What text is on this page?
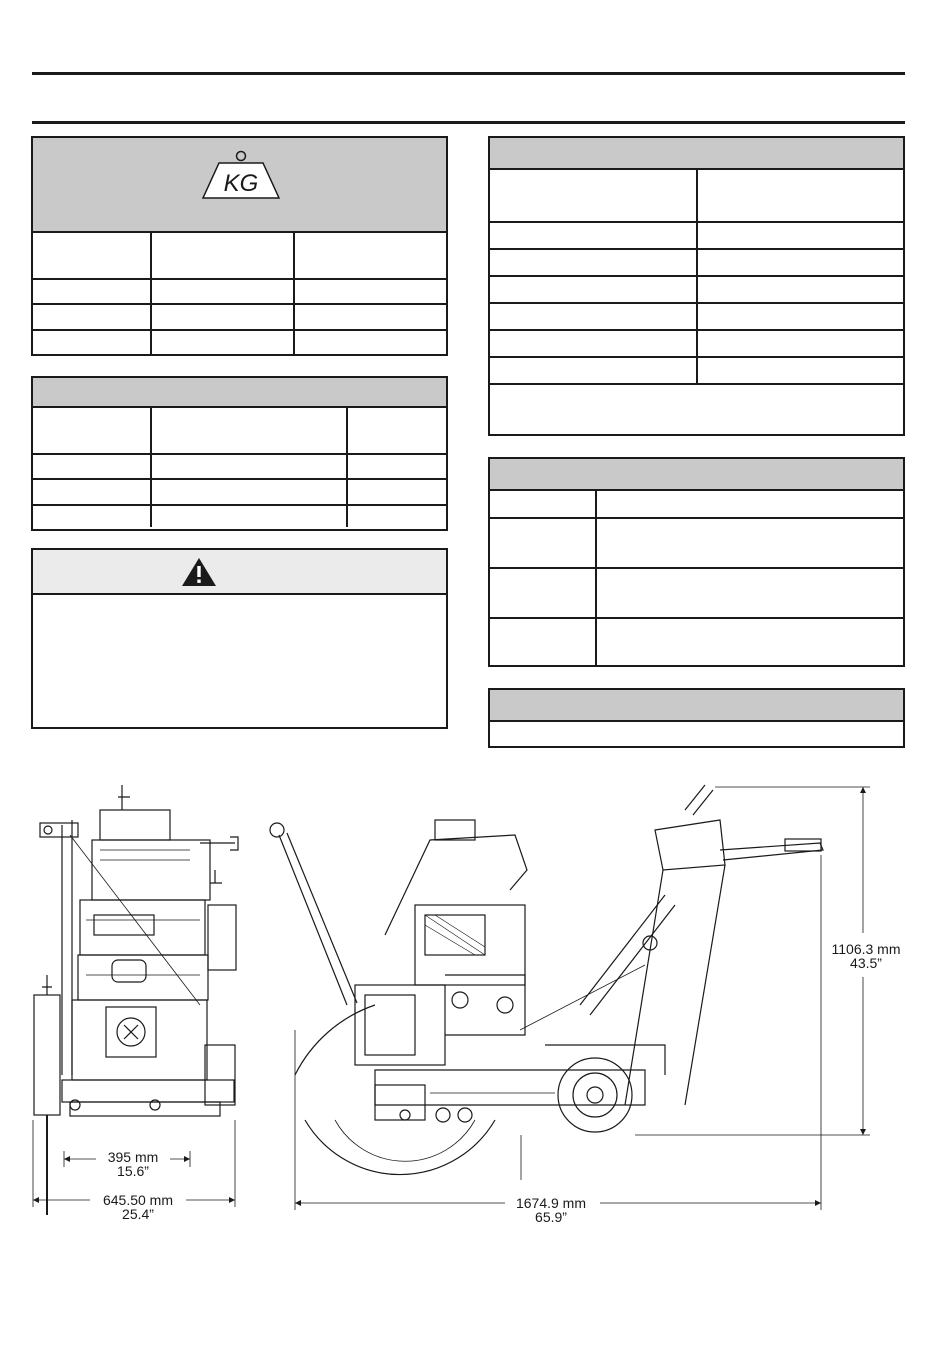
KG

395 mm
15.6”
645.50 mm
25.4”
1674.9 mm
65.9”
1106.3 mm
43.5”
